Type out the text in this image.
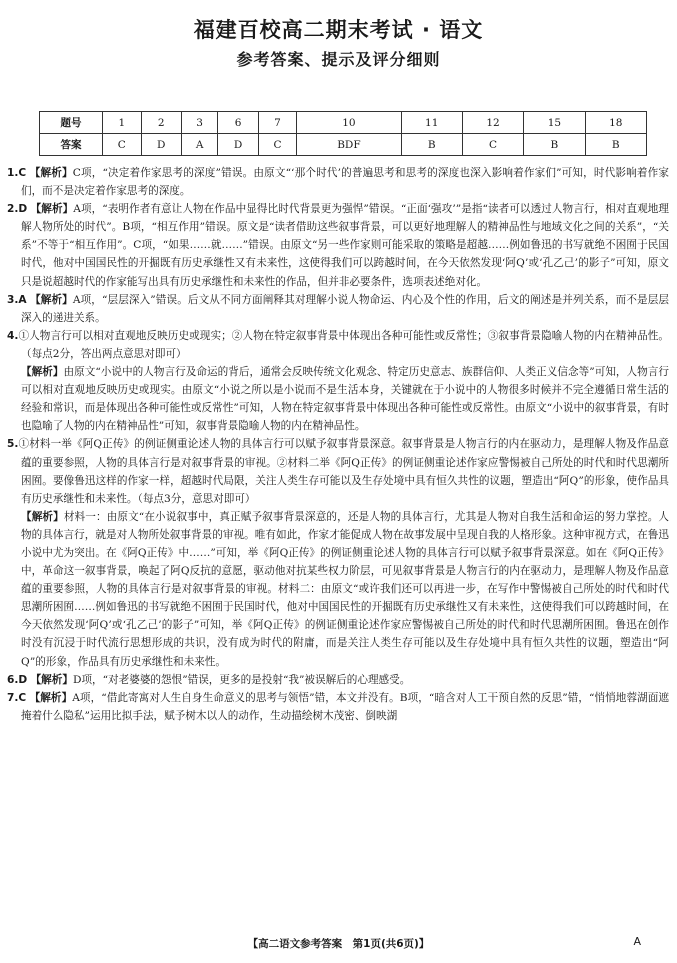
福建百校高二期末考试 · 语文
参考答案、提示及评分细则
题号	1	2	3	6	7	10	11	12	15	18
答案	C	D	A	D	C	BDF	B	C	B	B

1.C 【解析】C项，“决定着作家思考的深度”错误。由原文“‘那个时代’的普遍思考和思考的深度也深入影响着作家们”可知，时代影响着作家们，而不是决定着作家思考的深度。

2.D 【解析】A项，“表明作者有意让人物在作品中显得比时代背景更为强悍”错误。“正面‘强攻’”是指“读者可以透过人物言行，相对直观地理解人物所处的时代”。B项，“相互作用”错误。原文是“读者借助这些叙事背景，可以更好地理解人的精神品性与地域文化之间的关系”，“关系”不等于“相互作用”。C项，“如果……就……”错误。由原文“另一些作家则可能采取的策略是超越……例如鲁迅的书写就绝不困囿于民国时代，他对中国国民性的开掘既有历史承继性又有未来性，这使得我们可以跨越时间，在今天依然发现‘阿Q’或‘孔乙己’的影子”可知，原文只是说超越时代的作家能写出具有历史承继性和未来性的作品，但并非必要条件，选项表述绝对化。

3.A 【解析】A项，“层层深入”错误。后文从不同方面阐释其对理解小说人物命运、内心及个性的作用，后文的阐述是并列关系，而不是层层深入的递进关系。

4.①人物言行可以相对直观地反映历史或现实；②人物在特定叙事背景中体现出各种可能性或反常性；③叙事背景隐喻人物的内在精神品性。（每点2分，答出两点意思对即可）

【解析】由原文“小说中的人物言行及命运的背后，通常会反映传统文化观念、特定历史意志、族群信仰、人类正义信念等”可知，人物言行可以相对直观地反映历史或现实。由原文“小说之所以是小说而不是生活本身，关键就在于小说中的人物很多时候并不完全遵循日常生活的经验和常识，而是体现出各种可能性或反常性”可知，人物在特定叙事背景中体现出各种可能性或反常性。由原文“小说中的叙事背景，有时也隐喻了人物的内在精神品性”可知，叙事背景隐喻人物的内在精神品性。

5.①材料一举《阿Q正传》的例证侧重论述人物的具体言行可以赋予叙事背景深意。叙事背景是人物言行的内在驱动力，是理解人物及作品意蕴的重要参照，人物的具体言行是对叙事背景的审视。②材料二举《阿Q正传》的例证侧重论述作家应警惕被自己所处的时代和时代思潮所困囿。要像鲁迅这样的作家一样，超越时代局限，关注人类生存可能以及生存处境中具有恒久共性的议题，塑造出“阿Q”的形象，使作品具有历史承继性和未来性。（每点3分，意思对即可）

【解析】材料一：由原文“在小说叙事中，真正赋予叙事背景深意的，还是人物的具体言行，尤其是人物对自我生活和命运的努力掌控。人物的具体言行，就是对人物所处叙事背景的审视。唯有如此，作家才能促成人物在故事发展中呈现自我的人格形象。这种审视方式，在鲁迅小说中尤为突出。在《阿Q正传》中……”可知，举《阿Q正传》的例证侧重论述人物的具体言行可以赋予叙事背景深意。如在《阿Q正传》中，革命这一叙事背景，唤起了阿Q反抗的意愿，驱动他对抗某些权力阶层，可见叙事背景是人物言行的内在驱动力，是理解人物及作品意蕴的重要参照，人物的具体言行是对叙事背景的审视。材料二：由原文“或许我们还可以再进一步，在写作中警惕被自己所处的时代和时代思潮所困囿……例如鲁迅的书写就绝不困囿于民国时代，他对中国国民性的开掘既有历史承继性又有未来性，这使得我们可以跨越时间，在今天依然发现‘阿Q’或‘孔乙己’的影子”可知，举《阿Q正传》的例证侧重论述作家应警惕被自己所处的时代和时代思潮所困囿。鲁迅在创作时没有沉浸于时代流行思想形成的共识，没有成为时代的附庸，而是关注人类生存可能以及生存处境中具有恒久共性的议题，塑造出“阿Q”的形象，作品具有历史承继性和未来性。

6.D 【解析】D项，“对老婆婆的怨恨”错误，更多的是投射“我”被误解后的心理感受。

7.C 【解析】A项，“借此寄寓对人生自身生命意义的思考与领悟”错，本文并没有。B项，“暗含对人工干预自然的反思”错，“悄悄地蓉湖面遮掩着什么隐私”运用比拟手法，赋予树木以人的动作，生动描绘树木茂密、倒映湖

【高二语文参考答案　第1页(共6页)】	A
